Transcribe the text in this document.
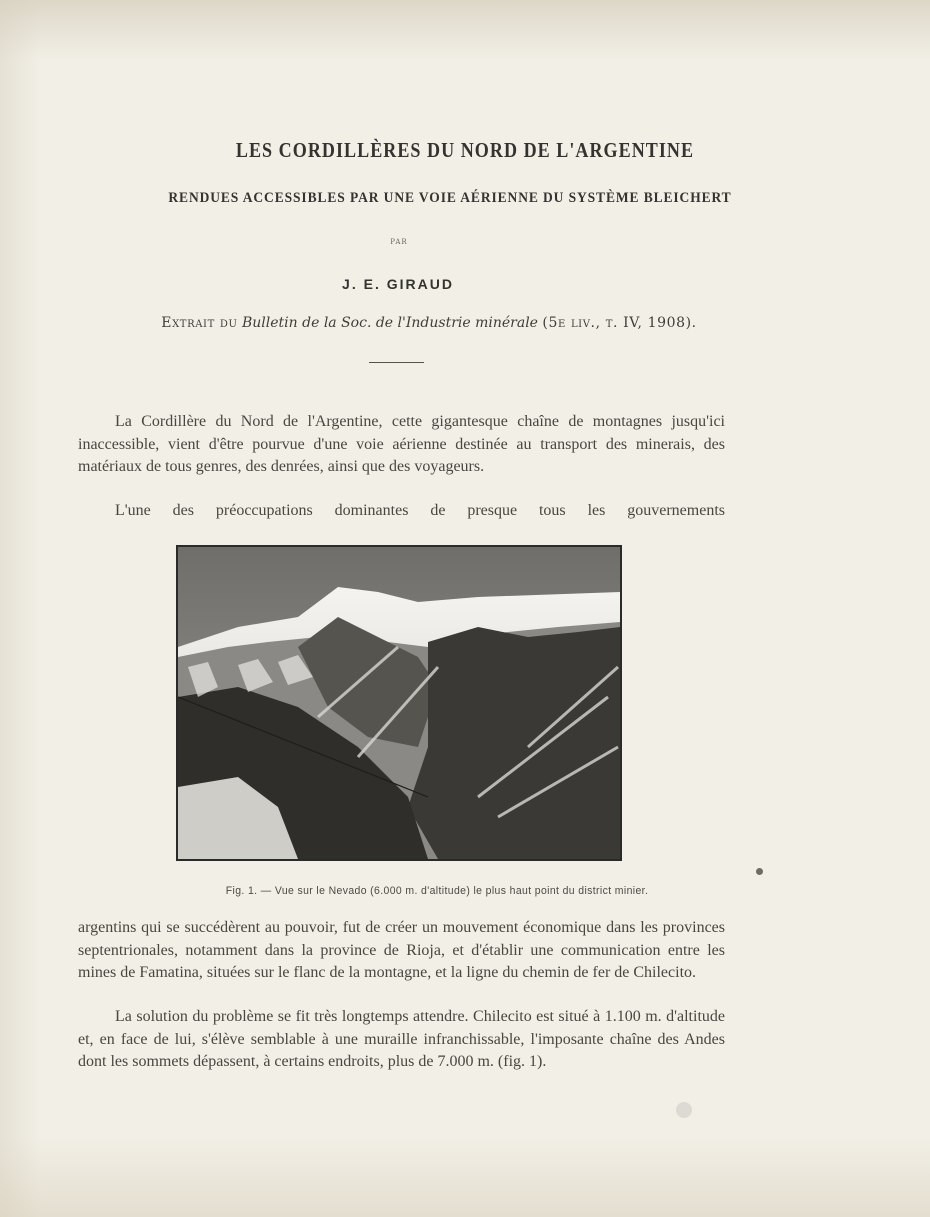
LES CORDILLÈRES DU NORD DE L'ARGENTINE
RENDUES ACCESSIBLES PAR UNE VOIE AÉRIENNE DU SYSTÈME BLEICHERT
PAR
J. E. GIRAUD
Extrait du Bulletin de la Soc. de l'Industrie minérale (5e liv., t. IV, 1908).

La Cordillère du Nord de l'Argentine, cette gigantesque chaîne de montagnes jusqu'ici inaccessible, vient d'être pourvue d'une voie aérienne destinée au transport des minerais, des matériaux de tous genres, des denrées, ainsi que des voyageurs.

L'une des préoccupations dominantes de presque tous les gouvernements

Fig. 1. — Vue sur le Nevado (6.000 m. d'altitude) le plus haut point du district minier.

argentins qui se succédèrent au pouvoir, fut de créer un mouvement économique dans les provinces septentrionales, notamment dans la province de Rioja, et d'établir une communication entre les mines de Famatina, situées sur le flanc de la montagne, et la ligne du chemin de fer de Chilecito.

La solution du problème se fit très longtemps attendre. Chilecito est situé à 1.100 m. d'altitude et, en face de lui, s'élève semblable à une muraille infranchissable, l'imposante chaîne des Andes dont les sommets dépassent, à certains endroits, plus de 7.000 m. (fig. 1).
